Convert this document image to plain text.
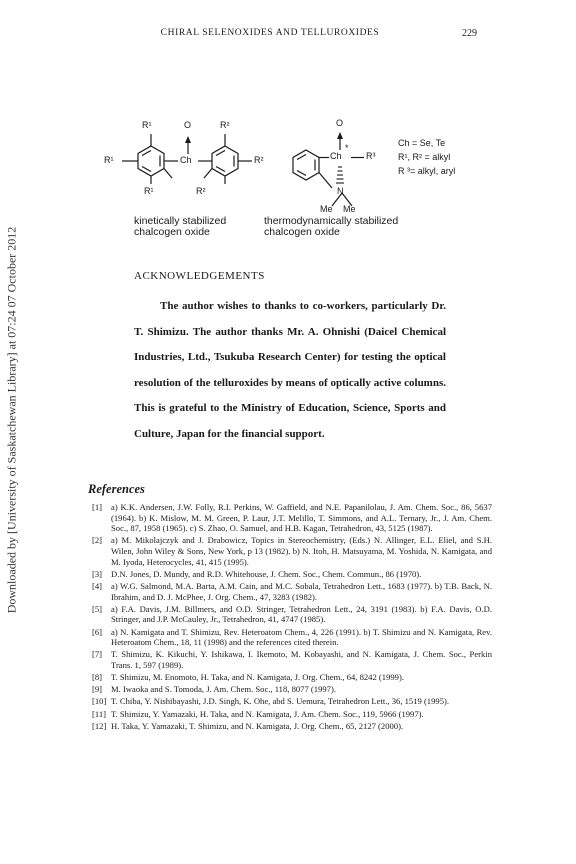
Downloaded by [University of Saskatchewan Library] at 07:24 07 October 2012
CHIRAL SELENOXIDES AND TELLUROXIDES	229
R¹	O	R²
R¹	Ch	R²
R¹	R²
O
Ch
*
R³
N
Me Me
Ch = Se, Te
R¹, R² = alkyl
R ³= alkyl, aryl
kinetically stabilized
chalcogen oxide
thermodynamically stabilized
chalcogen oxide
ACKNOWLEDGEMENTS
The author wishes to thanks to co-workers, particularly Dr. T. Shimizu. The author thanks Mr. A. Ohnishi (Daicel Chemical Industries, Ltd., Tsukuba Research Center) for testing the optical resolution of the telluroxides by means of optically active columns. This is grateful to the Ministry of Education, Science, Sports and Culture, Japan for the financial support.
References
[1]	a) K.K. Andersen, J.W. Folly, R.I. Perkins, W. Gaffield, and N.E. Papanilolau, J. Am. Chem. Soc., 86, 5637 (1964). b) K. Mislow, M. M. Green, P. Laur, J.T. Melillo, T. Simmons, and A.L. Ternary, Jr., J. Am. Chem. Soc., 87, 1958 (1965). c) S. Zhao, O. Samuel, and H.B. Kagan, Tetrahedron, 43, 5125 (1987).
[2]	a) M. Mikolajczyk and J. Drabowicz, Topics in Stereochemistry, (Eds.) N. Allinger, E.L. Eliel, and S.H. Wilen, John Wiley & Sons, New York, p 13 (1982). b) N. Itoh, H. Matsuyama, M. Yoshida, N. Kamigata, and M. Iyoda, Heterocycles, 41, 415 (1995).
[3]	D.N. Jones, D. Mundy, and R.D. Whitehouse, J. Chem. Soc., Chem. Commun., 86 (1970).
[4]	a) W.G. Salmond, M.A. Barta, A.M. Cain, and M.C. Sobala, Tetrahedron Lett., 1683 (1977). b) T.B. Back, N. Ibrahim, and D. J. McPhee, J. Org. Chem., 47, 3283 (1982).
[5]	a) F.A. Davis, J.M. Billmers, and O.D. Stringer, Tetrahedron Lett., 24, 3191 (1983). b) F.A. Davis, O.D. Stringer, and J.P. McCauley, Jr., Tetrahedron, 41, 4747 (1985).
[6]	a) N. Kamigata and T. Shimizu, Rev. Heteroatom Chem., 4, 226 (1991). b) T. Shimizu and N. Kamigata, Rev. Heteroatom Chem., 18, 11 (1998) and the references cited therein.
[7]	T. Shimizu, K. Kikuchi, Y. Ishikawa, I. Ikemoto, M. Kobayashi, and N. Kamigata, J. Chem. Soc., Perkin Trans. 1, 597 (1989).
[8]	T. Shimizu, M. Enomoto, H. Taka, and N. Kamigata, J. Org. Chem., 64, 8242 (1999).
[9]	M. Iwaoka and S. Tomoda, J. Am. Chem. Soc., 118, 8077 (1997).
[10] T. Chiba, Y. Nishibayashi, J.D. Singh, K. Ohe, abd S. Uemura, Tetrahedron Lett., 36, 1519 (1995).
[11] T. Shimizu, Y. Yamazaki, H. Taka, and N. Kamigata, J. Am. Chem. Soc., 119, 5966 (1997).
[12] H. Taka, Y. Yamazaki, T. Shimizu, and N. Kamigata, J. Org. Chem., 65, 2127 (2000).
